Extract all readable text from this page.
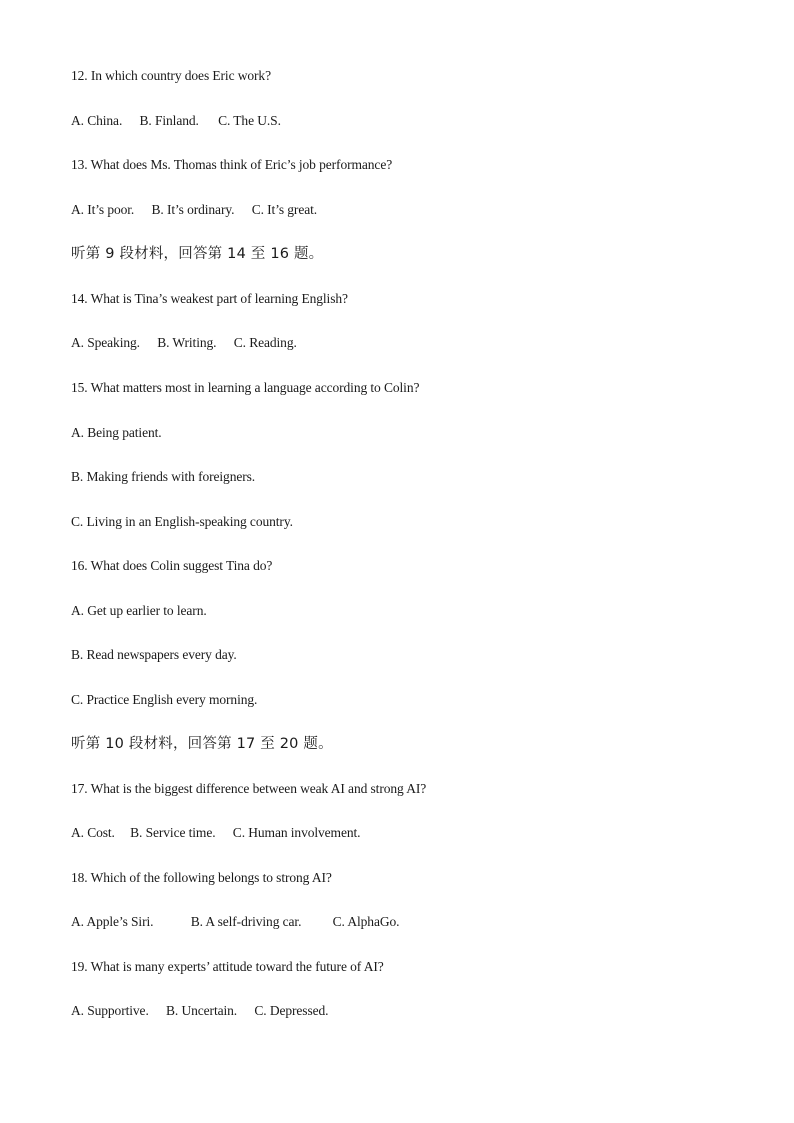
12. In which country does Eric work?
A. China. B. Finland. C. The U.S.
13. What does Ms. Thomas think of Eric’s job performance?
A. It’s poor. B. It’s ordinary. C. It’s great.
听第 9 段材料，回答第 14 至 16 题。
14. What is Tina’s weakest part of learning English?
A. Speaking. B. Writing. C. Reading.
15. What matters most in learning a language according to Colin?
A. Being patient.
B. Making friends with foreigners.
C. Living in an English-speaking country.
16. What does Colin suggest Tina do?
A. Get up earlier to learn.
B. Read newspapers every day.
C. Practice English every morning.
听第 10 段材料，回答第 17 至 20 题。
17. What is the biggest difference between weak AI and strong AI?
A. Cost. B. Service time. C. Human involvement.
18. Which of the following belongs to strong AI?
A. Apple’s Siri.	B. A self-driving car. C. AlphaGo.
19. What is many experts’ attitude toward the future of AI?
A. Supportive. B. Uncertain. C. Depressed.
